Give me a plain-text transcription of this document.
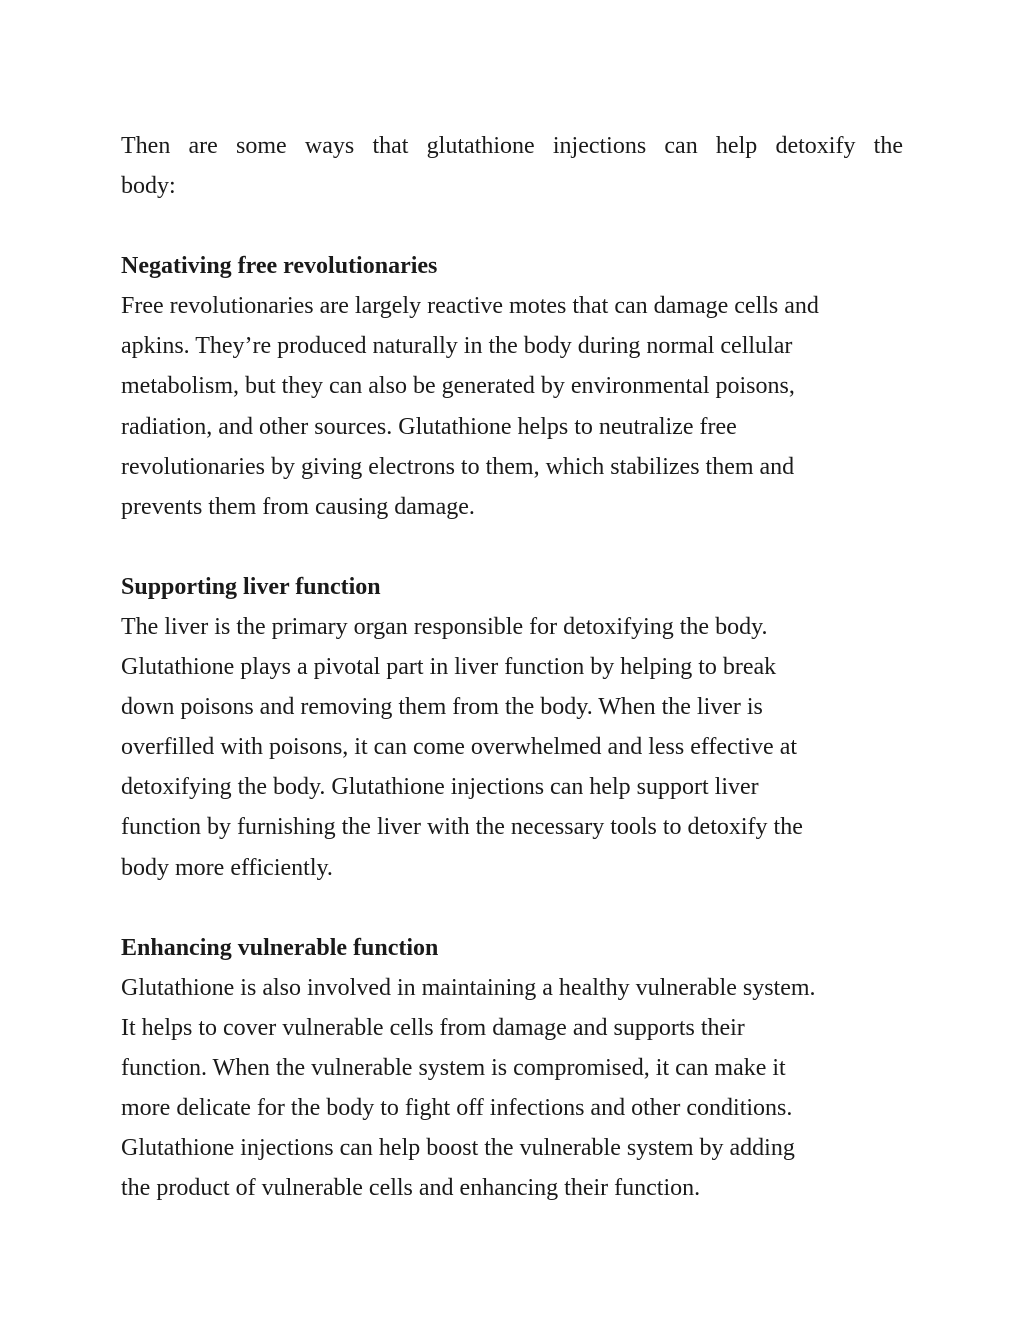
Then are some ways that glutathione injections can help detoxify the
body:

Negativing free revolutionaries

Free revolutionaries are largely reactive motes that can damage cells and
apkins. They’re produced naturally in the body during normal cellular
metabolism, but they can also be generated by environmental poisons,
radiation, and other sources. Glutathione helps to neutralize free
revolutionaries by giving electrons to them, which stabilizes them and
prevents them from causing damage.

Supporting liver function

The liver is the primary organ responsible for detoxifying the body.
Glutathione plays a pivotal part in liver function by helping to break
down poisons and removing them from the body. When the liver is
overfilled with poisons, it can come overwhelmed and less effective at
detoxifying the body. Glutathione injections can help support liver
function by furnishing the liver with the necessary tools to detoxify the
body more efficiently.

Enhancing vulnerable function

Glutathione is also involved in maintaining a healthy vulnerable system.
It helps to cover vulnerable cells from damage and supports their
function. When the vulnerable system is compromised, it can make it
more delicate for the body to fight off infections and other conditions.
Glutathione injections can help boost the vulnerable system by adding
the product of vulnerable cells and enhancing their function.
